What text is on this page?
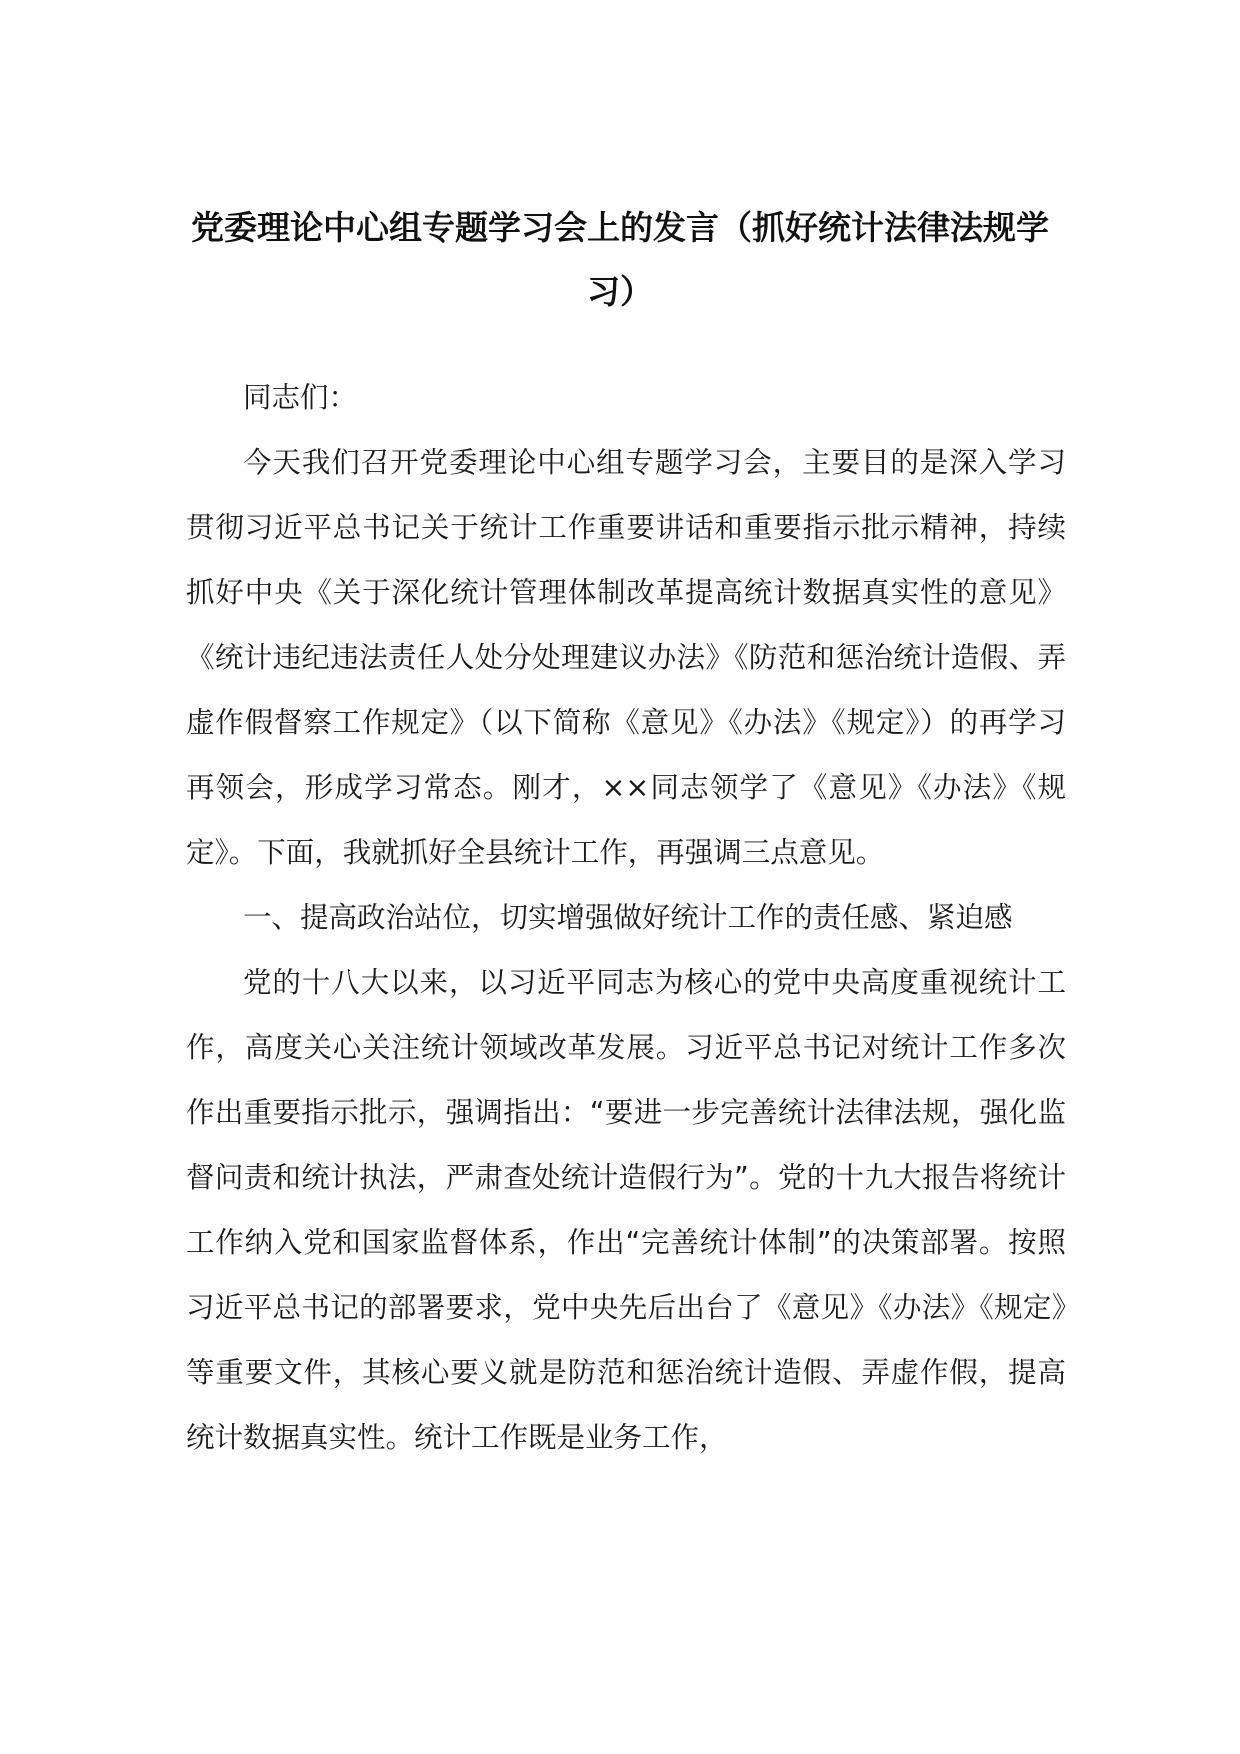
党委理论中心组专题学习会上的发言（抓好统计法律法规学习）

同志们：

今天我们召开党委理论中心组专题学习会，主要目的是深入学习贯彻习近平总书记关于统计工作重要讲话和重要指示批示精神，持续抓好中央《关于深化统计管理体制改革提高统计数据真实性的意见》《统计违纪违法责任人处分处理建议办法》《防范和惩治统计造假、弄虚作假督察工作规定》（以下简称《意见》《办法》《规定》）的再学习再领会，形成学习常态。刚才，××同志领学了《意见》《办法》《规定》。下面，我就抓好全县统计工作，再强调三点意见。

一、提高政治站位，切实增强做好统计工作的责任感、紧迫感

党的十八大以来，以习近平同志为核心的党中央高度重视统计工作，高度关心关注统计领域改革发展。习近平总书记对统计工作多次作出重要指示批示，强调指出：“要进一步完善统计法律法规，强化监督问责和统计执法，严肃查处统计造假行为”。党的十九大报告将统计工作纳入党和国家监督体系，作出“完善统计体制”的决策部署。按照习近平总书记的部署要求，党中央先后出台了《意见》《办法》《规定》等重要文件，其核心要义就是防范和惩治统计造假、弄虚作假，提高统计数据真实性。统计工作既是业务工作，
